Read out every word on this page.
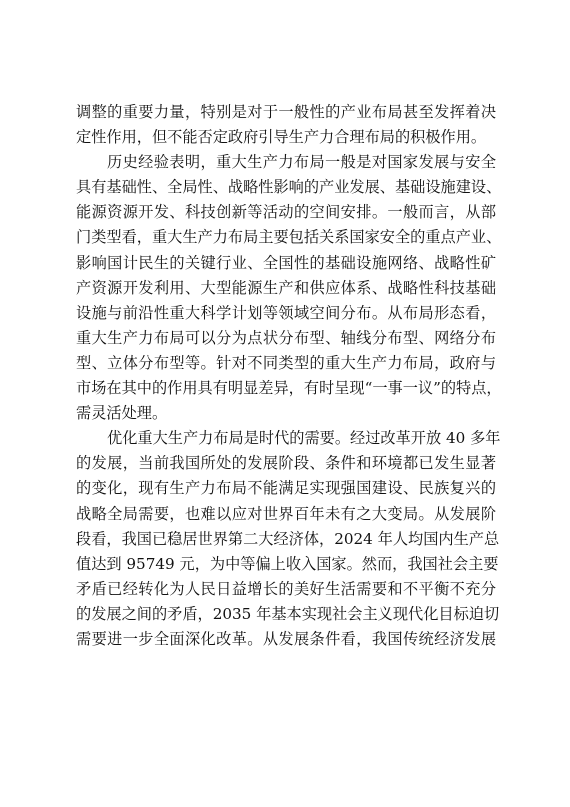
调整的重要力量，特别是对于一般性的产业布局甚至发挥着决
定性作用，但不能否定政府引导生产力合理布局的积极作用。
历史经验表明，重大生产力布局一般是对国家发展与安全
具有基础性、全局性、战略性影响的产业发展、基础设施建设、
能源资源开发、科技创新等活动的空间安排。一般而言，从部
门类型看，重大生产力布局主要包括关系国家安全的重点产业、
影响国计民生的关键行业、全国性的基础设施网络、战略性矿
产资源开发利用、大型能源生产和供应体系、战略性科技基础
设施与前沿性重大科学计划等领域空间分布。从布局形态看，
重大生产力布局可以分为点状分布型、轴线分布型、网络分布
型、立体分布型等。针对不同类型的重大生产力布局，政府与
市场在其中的作用具有明显差异，有时呈现“一事一议”的特点，
需灵活处理。
优化重大生产力布局是时代的需要。经过改革开放 40 多年
的发展，当前我国所处的发展阶段、条件和环境都已发生显著
的变化，现有生产力布局不能满足实现强国建设、民族复兴的
战略全局需要，也难以应对世界百年未有之大变局。从发展阶
段看，我国已稳居世界第二大经济体，2024 年人均国内生产总
值达到 95749 元，为中等偏上收入国家。然而，我国社会主要
矛盾已经转化为人民日益增长的美好生活需要和不平衡不充分
的发展之间的矛盾，2035 年基本实现社会主义现代化目标迫切
需要进一步全面深化改革。从发展条件看，我国传统经济发展
